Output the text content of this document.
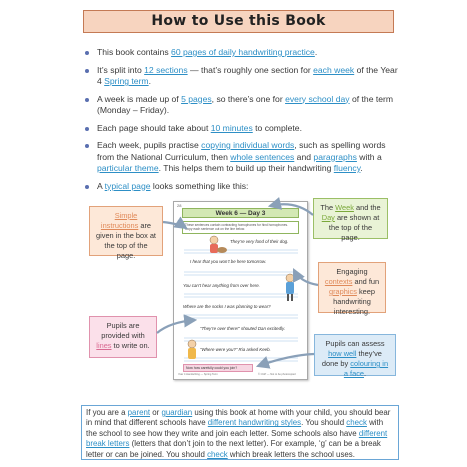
How to Use this Book
This book contains 60 pages of daily handwriting practice.
It’s split into 12 sections — that’s roughly one section for each week of the Year 4 Spring term.
A week is made up of 5 pages, so there’s one for every school day of the term (Monday – Friday).
Each page should take about 10 minutes to complete.
Each week, pupils practise copying individual words, such as spelling words from the National Curriculum, then whole sentences and paragraphs with a particular theme. This helps them to build up their handwriting fluency.
A typical page looks something like this:
28
Week 6 — Day 3
These sentences contain contracting homophones for hind homophones. Copy each sentence out on the line below.
They’re very fond of their dog.
I hear that you won’t be here tomorrow.
You can’t hear anything from over here.
Where are the socks I was planning to wear?
“They’re over there!” shouted Dan excitedly.
“Where were you?” Ria asked Keeb.
Now how carefully could you join?
Year 4 Handwriting — Spring Term	© CGP — Not to be photocopied
Simple instructions are given in the box at the top of the page.
The Week and the Day are shown at the top of the page.
Engaging contexts and fun graphics keep handwriting interesting.
Pupils are provided with lines to write on.	Pupils can assess how well they’ve done by colouring in a face.
If you are a parent or guardian using this book at home with your child, you should bear in mind that different schools have different handwriting styles. You should check with the school to see how they write and join each letter. Some schools also have different break letters (letters that don’t join to the next letter). For example, ‘g’ can be a break letter or can be joined. You should check which break letters the school uses.
